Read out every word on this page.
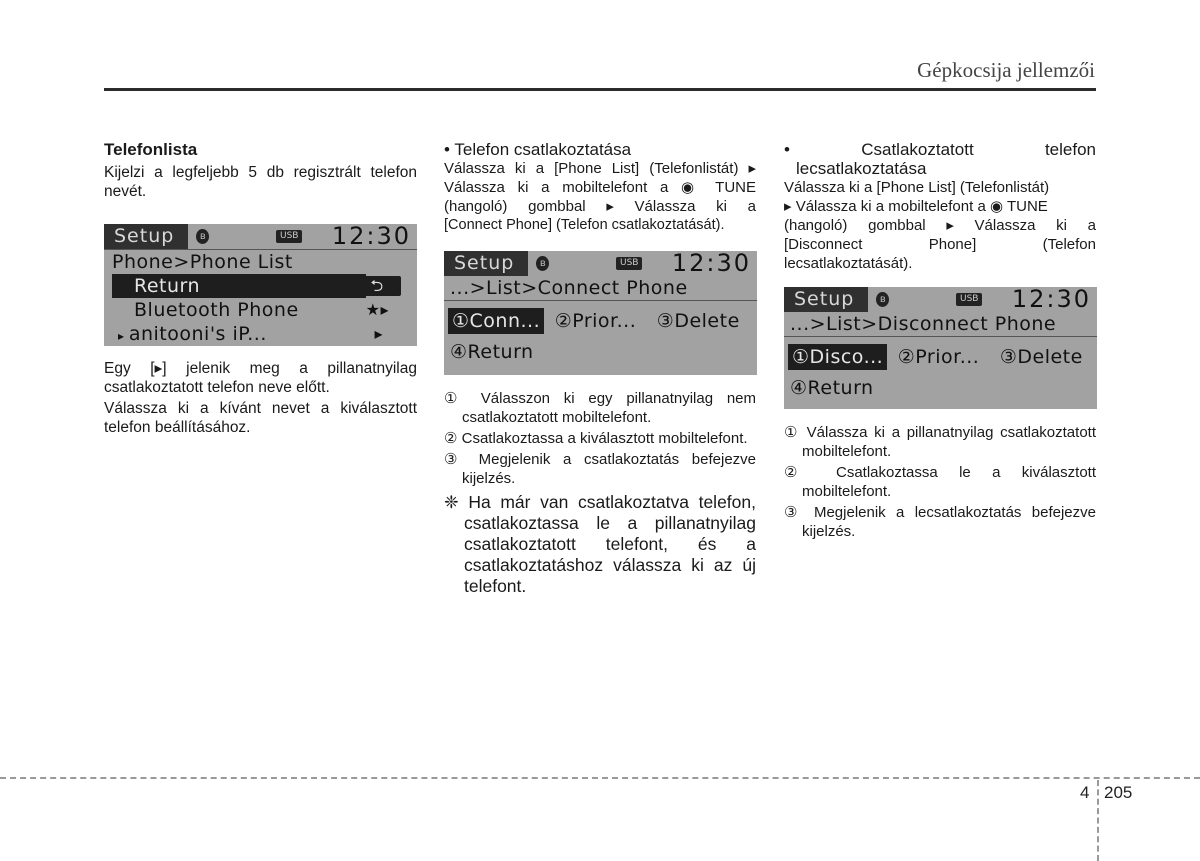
Gépkocsija jellemzői
Telefonlista

Kijelzi a legfeljebb 5 db regisztrált telefon nevét.

Setup	ʙ	USB 12:30
Phone>Phone List
Return	⮌
Bluetooth Phone	★▸
▸ anitooni's iP...	▸

Egy [▸] jelenik meg a pillanatnyilag csatlakoztatott telefon neve előtt.

Válassza ki a kívánt nevet a kiválasztott telefon beállításához.

• Telefon csatlakoztatása

Válassza ki a [Phone List] (Telefonlistát) ▸

Válassza ki a mobiltelefont a ◉ TUNE

(hangoló) gombbal ▸ Válassza ki a

[Connect Phone] (Telefon csatlakoztatását).

Setup	ʙ	USB 12:30
...>List>Connect Phone
①Conn... ②Prior... ③Delete
④Return

① Válasszon ki egy pillanatnyilag nem csatlakoztatott mobiltelefont.

② Csatlakoztassa a kiválasztott mobiltelefont.

③ Megjelenik a csatlakoztatás befejezve kijelzés.

❈ Ha már van csatlakoztatva telefon, csatlakoztassa le a pillanatnyilag csatlakoztatott telefont, és a csatlakoztatáshoz válassza ki az új telefont.

• Csatlakoztatott telefon lecsatlakoztatása

Válassza ki a [Phone List] (Telefonlistát)

▸ Válassza ki a mobiltelefont a ◉ TUNE

(hangoló) gombbal ▸ Válassza ki a

[Disconnect Phone] (Telefon lecsatlakoztatását).

Setup	ʙ	USB 12:30
...>List>Disconnect Phone
①Disco... ②Prior... ③Delete
④Return

① Válassza ki a pillanatnyilag csatlakoztatott mobiltelefont.

② Csatlakoztassa le a kiválasztott mobiltelefont.

③ Megjelenik a lecsatlakoztatás befejezve kijelzés.

4 205
